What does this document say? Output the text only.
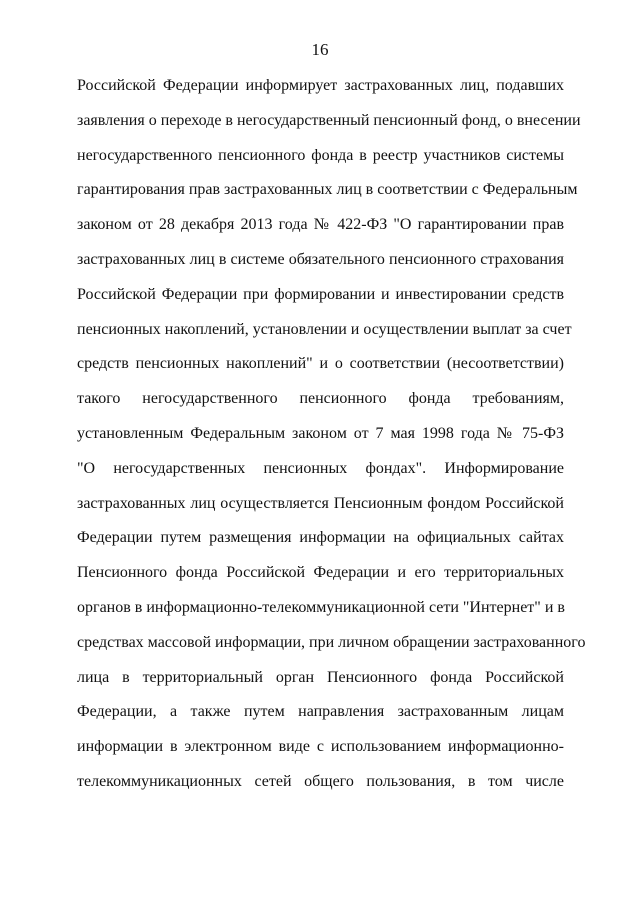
16
Российской Федерации информирует застрахованных лиц, подавших
заявления о переходе в негосударственный пенсионный фонд, о внесении
негосударственного пенсионного фонда в реестр участников системы
гарантирования прав застрахованных лиц в соответствии с Федеральным
законом от 28 декабря 2013 года № 422-ФЗ "О гарантировании прав
застрахованных лиц в системе обязательного пенсионного страхования
Российской Федерации при формировании и инвестировании средств
пенсионных накоплений, установлении и осуществлении выплат за счет
средств пенсионных накоплений" и о соответствии (несоответствии)
такого негосударственного пенсионного фонда требованиям,
установленным Федеральным законом от 7 мая 1998 года № 75-ФЗ
"О негосударственных пенсионных фондах". Информирование
застрахованных лиц осуществляется Пенсионным фондом Российской
Федерации путем размещения информации на официальных сайтах
Пенсионного фонда Российской Федерации и его территориальных
органов в информационно-телекоммуникационной сети "Интернет" и в
средствах массовой информации, при личном обращении застрахованного
лица в территориальный орган Пенсионного фонда Российской
Федерации, а также путем направления застрахованным лицам
информации в электронном виде с использованием информационно-
телекоммуникационных сетей общего пользования, в том числе
